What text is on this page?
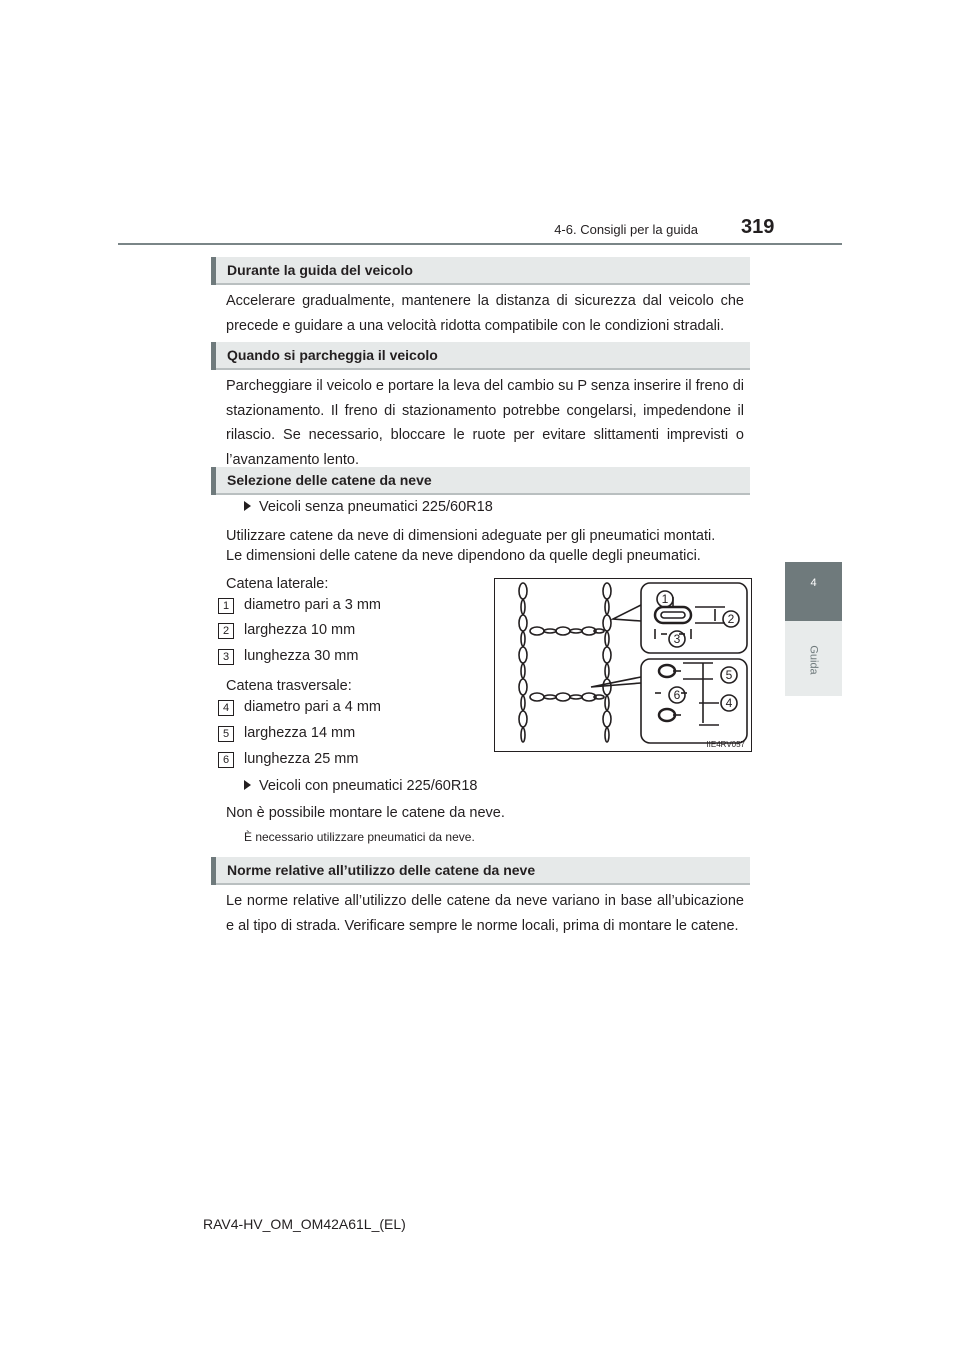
4-6. Consigli per la guida 319
4
Guida
Durante la guida del veicolo
Accelerare gradualmente, mantenere la distanza di sicurezza dal veicolo che precede e guidare a una velocità ridotta compatibile con le condizioni stradali.
Quando si parcheggia il veicolo
Parcheggiare il veicolo e portare la leva del cambio su P senza inserire il freno di stazionamento. Il freno di stazionamento potrebbe congelarsi, impedendone il rilascio. Se necessario, bloccare le ruote per evitare slittamenti imprevisti o l’avanzamento lento.
Selezione delle catene da neve
Veicoli senza pneumatici 225/60R18
Utilizzare catene da neve di dimensioni adeguate per gli pneumatici montati.
Le dimensioni delle catene da neve dipendono da quelle degli pneumatici.
Catena laterale:
1	diametro pari a 3 mm
2	larghezza 10 mm
3	lunghezza 30 mm
Catena trasversale:
4	diametro pari a 4 mm
5	larghezza 14 mm
6	lunghezza 25 mm
1
2
3
5
6
4
IIE4RV057
Veicoli con pneumatici 225/60R18
Non è possibile montare le catene da neve.
È necessario utilizzare pneumatici da neve.
Norme relative all’utilizzo delle catene da neve
Le norme relative all’utilizzo delle catene da neve variano in base all’ubicazione e al tipo di strada. Verificare sempre le norme locali, prima di montare le catene.
RAV4-HV_OM_OM42A61L_(EL)
